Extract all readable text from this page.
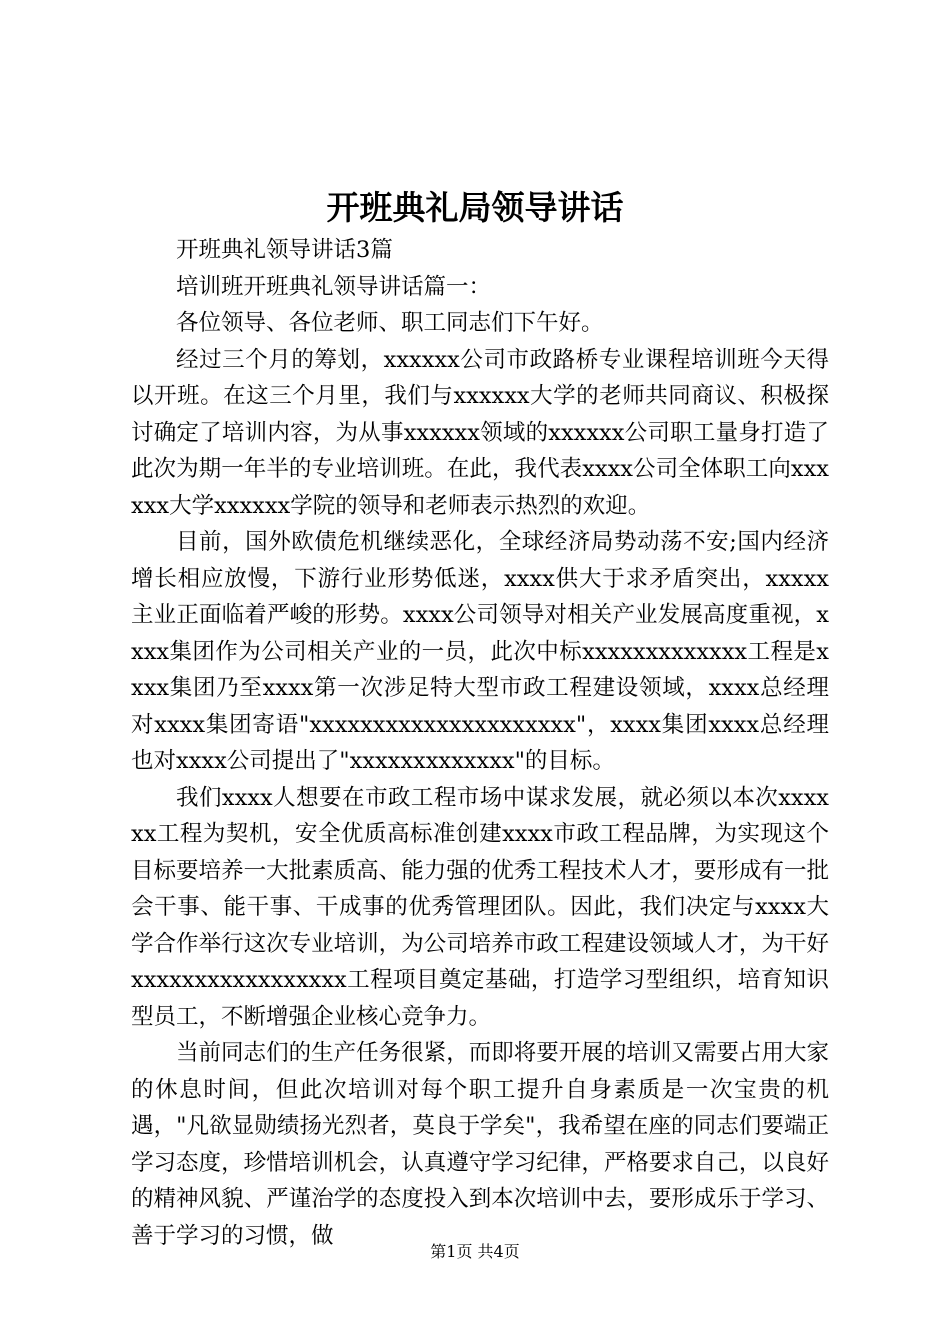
开班典礼局领导讲话

开班典礼领导讲话3篇

培训班开班典礼领导讲话篇一：

各位领导、各位老师、职工同志们下午好。

经过三个月的筹划，xxxxxx公司市政路桥专业课程培训班今天得以开班。在这三个月里，我们与xxxxxx大学的老师共同商议、积极探讨确定了培训内容，为从事xxxxxx领域的xxxxxx公司职工量身打造了此次为期一年半的专业培训班。在此，我代表xxxx公司全体职工向xxxxxx大学xxxxxx学院的领导和老师表示热烈的欢迎。

目前，国外欧债危机继续恶化，全球经济局势动荡不安;国内经济增长相应放慢，下游行业形势低迷，xxxx供大于求矛盾突出，xxxxx主业正面临着严峻的形势。xxxx公司领导对相关产业发展高度重视，xxxx集团作为公司相关产业的一员，此次中标xxxxxxxxxxxxx工程是xxxx集团乃至xxxx第一次涉足特大型市政工程建设领域，xxxx总经理对xxxx集团寄语"xxxxxxxxxxxxxxxxxxxxx"，xxxx集团xxxx总经理也对xxxx公司提出了"xxxxxxxxxxxxx"的目标。

我们xxxx人想要在市政工程市场中谋求发展，就必须以本次xxxxxx工程为契机，安全优质高标准创建xxxx市政工程品牌，为实现这个目标要培养一大批素质高、能力强的优秀工程技术人才，要形成有一批会干事、能干事、干成事的优秀管理团队。因此，我们决定与xxxx大学合作举行这次专业培训，为公司培养市政工程建设领域人才，为干好xxxxxxxxxxxxxxxxx工程项目奠定基础，打造学习型组织，培育知识型员工，不断增强企业核心竞争力。

当前同志们的生产任务很紧，而即将要开展的培训又需要占用大家的休息时间，但此次培训对每个职工提升自身素质是一次宝贵的机遇，"凡欲显勋绩扬光烈者，莫良于学矣"，我希望在座的同志们要端正学习态度，珍惜培训机会，认真遵守学习纪律，严格要求自己，以良好的精神风貌、严谨治学的态度投入到本次培训中去，要形成乐于学习、善于学习的习惯，做

第1页 共4页
